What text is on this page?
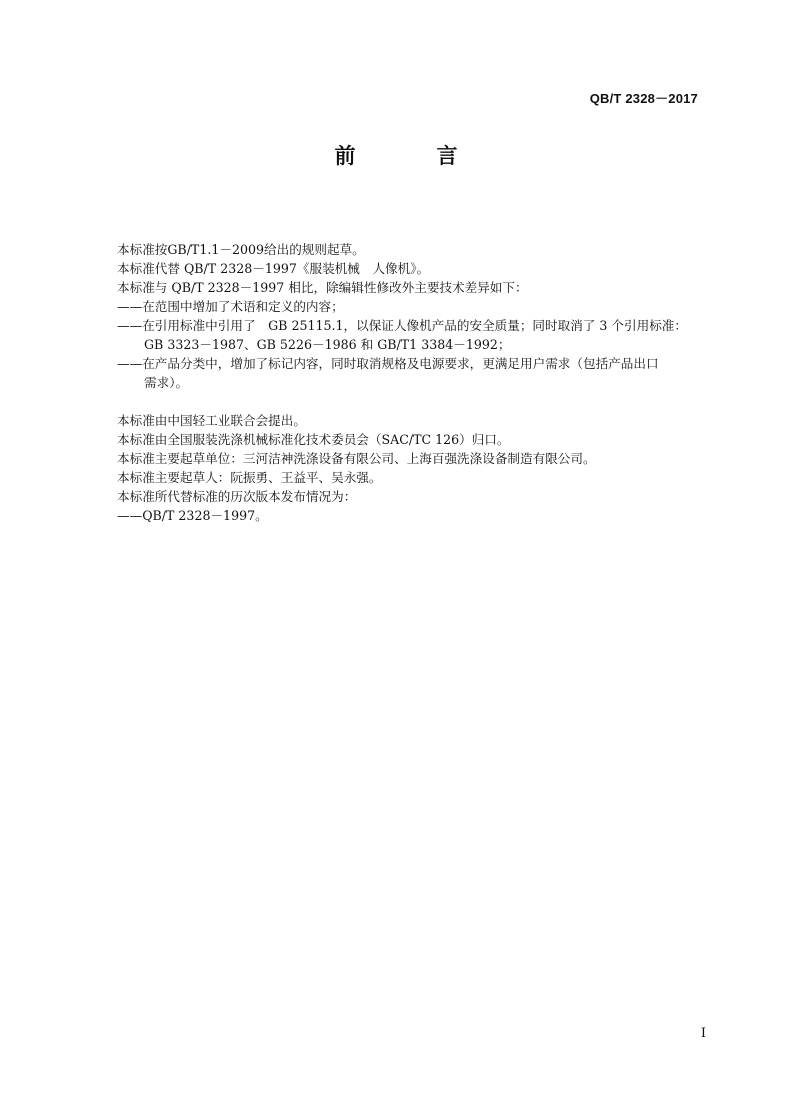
QB/T 2328－2017
前　言

本标准按GB/T1.1－2009给出的规则起草。

本标准代替 QB/T 2328－1997《服装机械　人像机》。

本标准与 QB/T 2328－1997 相比，除编辑性修改外主要技术差异如下：

——在范围中增加了术语和定义的内容；

——在引用标准中引用了　GB 25115.1，以保证人像机产品的安全质量；同时取消了 3 个引用标准：

GB 3323－1987、GB 5226－1986 和 GB/T1 3384－1992；

——在产品分类中，增加了标记内容，同时取消规格及电源要求，更满足用户需求（包括产品出口

需求）。

本标准由中国轻工业联合会提出。

本标准由全国服装洗涤机械标准化技术委员会（SAC/TC 126）归口。

本标准主要起草单位：三河洁神洗涤设备有限公司、上海百强洗涤设备制造有限公司。

本标准主要起草人：阮振勇、王益平、吴永强。

本标准所代替标准的历次版本发布情况为：

——QB/T 2328－1997。

I
